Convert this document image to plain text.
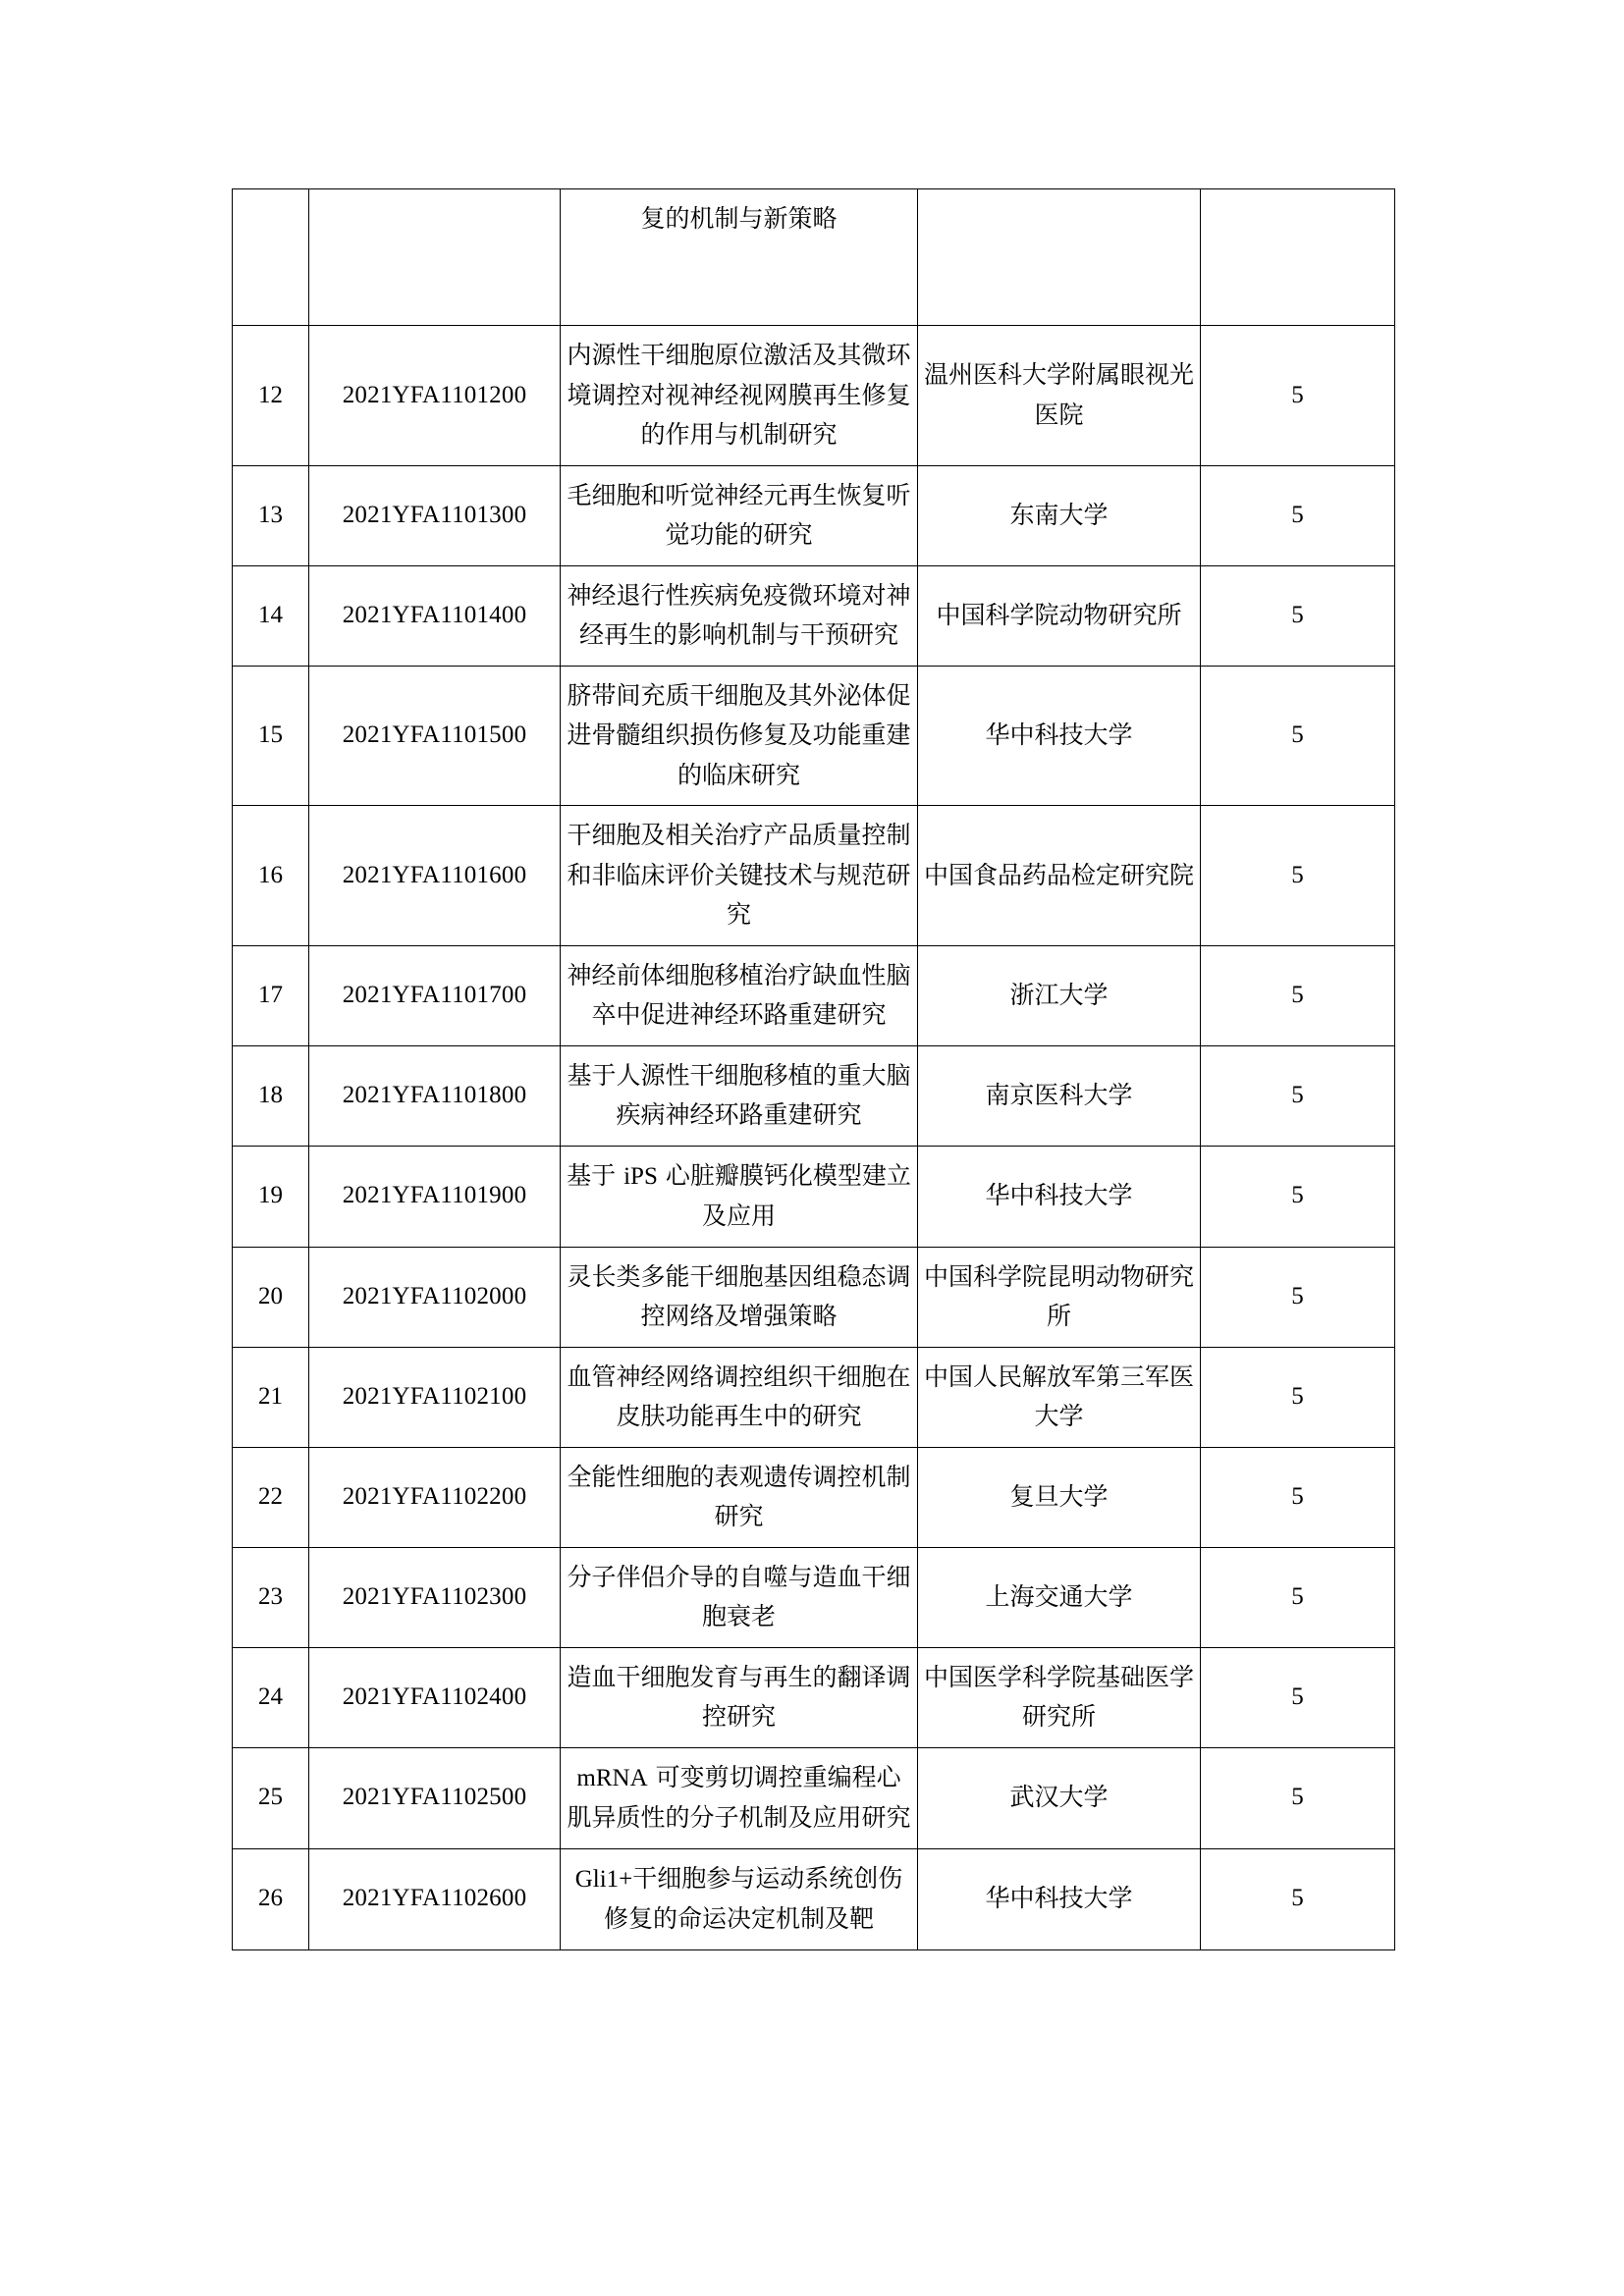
		复的机制与新策略		
12	2021YFA1101200	内源性干细胞原位激活及其微环境调控对视神经视网膜再生修复的作用与机制研究	温州医科大学附属眼视光医院	5
13	2021YFA1101300	毛细胞和听觉神经元再生恢复听觉功能的研究	东南大学	5
14	2021YFA1101400	神经退行性疾病免疫微环境对神经再生的影响机制与干预研究	中国科学院动物研究所	5
15	2021YFA1101500	脐带间充质干细胞及其外泌体促进骨髓组织损伤修复及功能重建的临床研究	华中科技大学	5
16	2021YFA1101600	干细胞及相关治疗产品质量控制和非临床评价关键技术与规范研究	中国食品药品检定研究院	5
17	2021YFA1101700	神经前体细胞移植治疗缺血性脑卒中促进神经环路重建研究	浙江大学	5
18	2021YFA1101800	基于人源性干细胞移植的重大脑疾病神经环路重建研究	南京医科大学	5
19	2021YFA1101900	基于 iPS 心脏瓣膜钙化模型建立及应用	华中科技大学	5
20	2021YFA1102000	灵长类多能干细胞基因组稳态调控网络及增强策略	中国科学院昆明动物研究所	5
21	2021YFA1102100	血管神经网络调控组织干细胞在皮肤功能再生中的研究	中国人民解放军第三军医大学	5
22	2021YFA1102200	全能性细胞的表观遗传调控机制研究	复旦大学	5
23	2021YFA1102300	分子伴侣介导的自噬与造血干细胞衰老	上海交通大学	5
24	2021YFA1102400	造血干细胞发育与再生的翻译调控研究	中国医学科学院基础医学研究所	5
25	2021YFA1102500	mRNA 可变剪切调控重编程心肌异质性的分子机制及应用研究	武汉大学	5
26	2021YFA1102600	Gli1+干细胞参与运动系统创伤修复的命运决定机制及靶	华中科技大学	5
